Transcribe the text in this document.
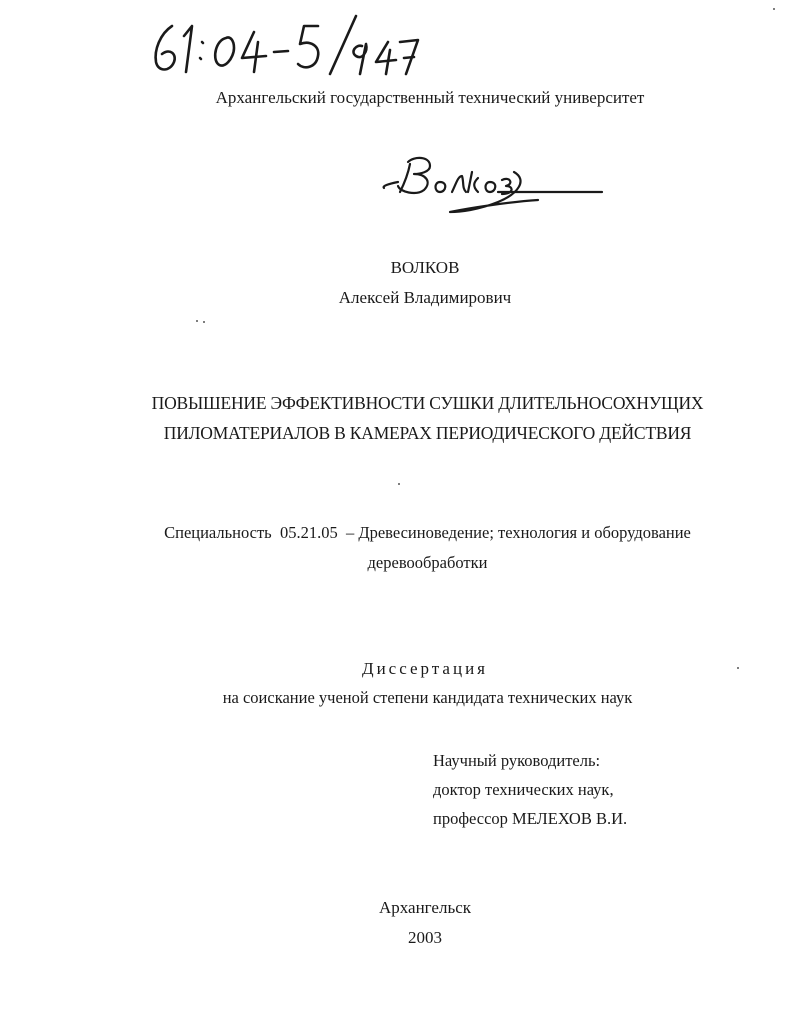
Архангельский государственный технический университет
ВОЛКОВ
Алексей Владимирович
ПОВЫШЕНИЕ ЭФФЕКТИВНОСТИ СУШКИ ДЛИТЕЛЬНОСОХНУЩИХ
ПИЛОМАТЕРИАЛОВ В КАМЕРАХ ПЕРИОДИЧЕСКОГО ДЕЙСТВИЯ
Специальность  05.21.05  – Древесиноведение; технология и оборудование
деревообработки
Диссертация
на соискание ученой степени кандидата технических наук
Научный руководитель:
доктор технических наук,
профессор МЕЛЕХОВ В.И.
Архангельск
2003
